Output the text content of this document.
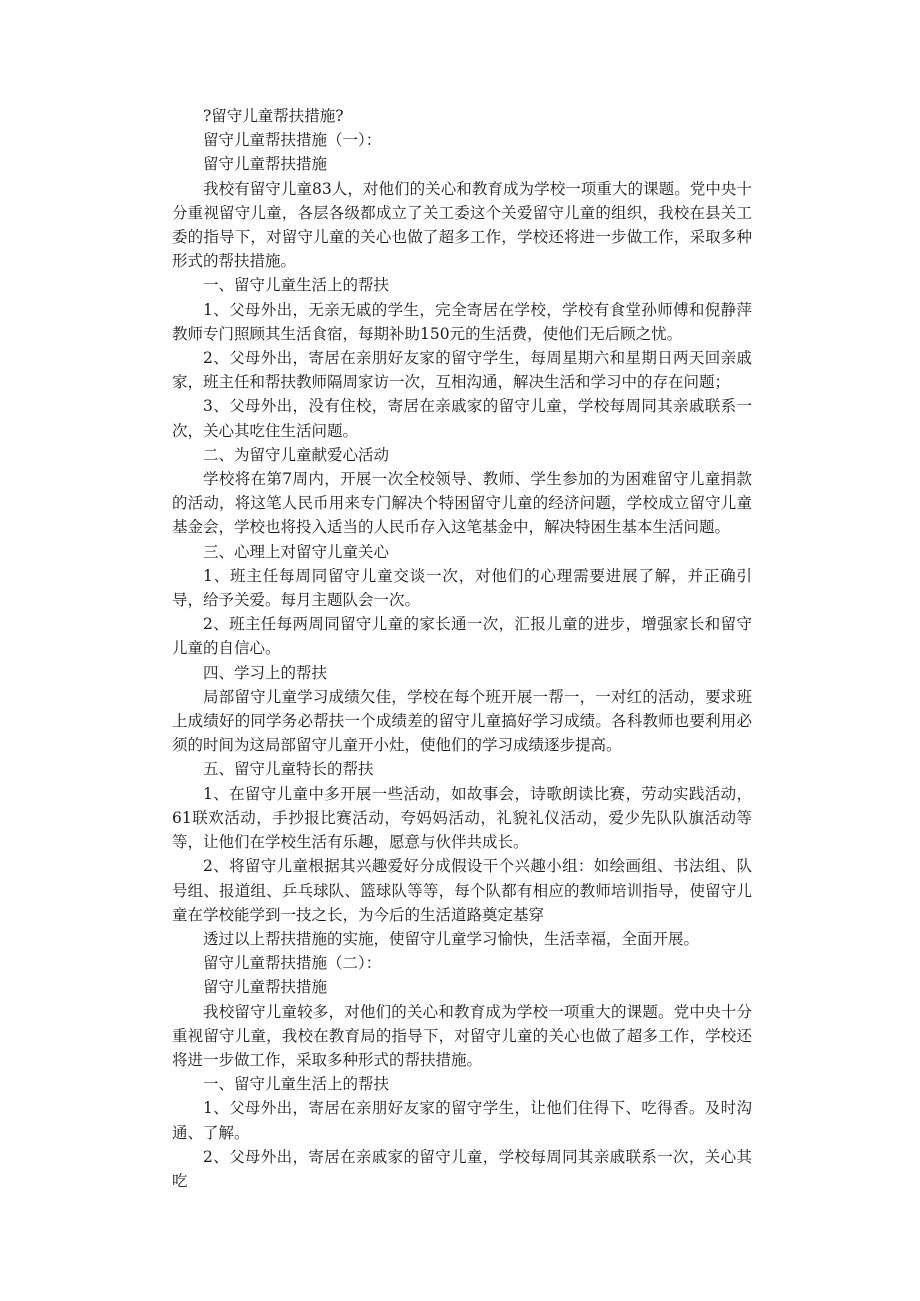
?留守儿童帮扶措施?

留守儿童帮扶措施（一）：

留守儿童帮扶措施

我校有留守儿童83人，对他们的关心和教育成为学校一项重大的课题。党中央十分重视留守儿童，各层各级都成立了关工委这个关爱留守儿童的组织，我校在县关工委的指导下，对留守儿童的关心也做了超多工作，学校还将进一步做工作，采取多种形式的帮扶措施。

一、留守儿童生活上的帮扶

1、父母外出，无亲无戚的学生，完全寄居在学校，学校有食堂孙师傅和倪静萍教师专门照顾其生活食宿，每期补助150元的生活费，使他们无后顾之忧。

2、父母外出，寄居在亲朋好友家的留守学生，每周星期六和星期日两天回亲戚家，班主任和帮扶教师隔周家访一次，互相沟通，解决生活和学习中的存在问题；

3、父母外出，没有住校，寄居在亲戚家的留守儿童，学校每周同其亲戚联系一次，关心其吃住生活问题。

二、为留守儿童献爱心活动

学校将在第7周内，开展一次全校领导、教师、学生参加的为困难留守儿童捐款的活动，将这笔人民币用来专门解决个特困留守儿童的经济问题，学校成立留守儿童基金会，学校也将投入适当的人民币存入这笔基金中，解决特困生基本生活问题。

三、心理上对留守儿童关心

1、班主任每周同留守儿童交谈一次，对他们的心理需要进展了解，并正确引导，给予关爱。每月主题队会一次。

2、班主任每两周同留守儿童的家长通一次，汇报儿童的进步，增强家长和留守儿童的自信心。

四、学习上的帮扶

局部留守儿童学习成绩欠佳，学校在每个班开展一帮一，一对红的活动，要求班上成绩好的同学务必帮扶一个成绩差的留守儿童搞好学习成绩。各科教师也要利用必须的时间为这局部留守儿童开小灶，使他们的学习成绩逐步提高。

五、留守儿童特长的帮扶

1、在留守儿童中多开展一些活动，如故事会，诗歌朗读比赛，劳动实践活动，61联欢活动，手抄报比赛活动，夸妈妈活动，礼貌礼仪活动，爱少先队队旗活动等等，让他们在学校生活有乐趣，愿意与伙伴共成长。

2、将留守儿童根据其兴趣爱好分成假设干个兴趣小组：如绘画组、书法组、队号组、报道组、乒乓球队、篮球队等等，每个队都有相应的教师培训指导，使留守儿童在学校能学到一技之长，为今后的生活道路奠定基穿

透过以上帮扶措施的实施，使留守儿童学习愉快，生活幸福，全面开展。

留守儿童帮扶措施（二）：

留守儿童帮扶措施

我校留守儿童较多，对他们的关心和教育成为学校一项重大的课题。党中央十分重视留守儿童，我校在教育局的指导下，对留守儿童的关心也做了超多工作，学校还将进一步做工作，采取多种形式的帮扶措施。

一、留守儿童生活上的帮扶

1、父母外出，寄居在亲朋好友家的留守学生，让他们住得下、吃得香。及时沟通、了解。

2、父母外出，寄居在亲戚家的留守儿童，学校每周同其亲戚联系一次，关心其吃
